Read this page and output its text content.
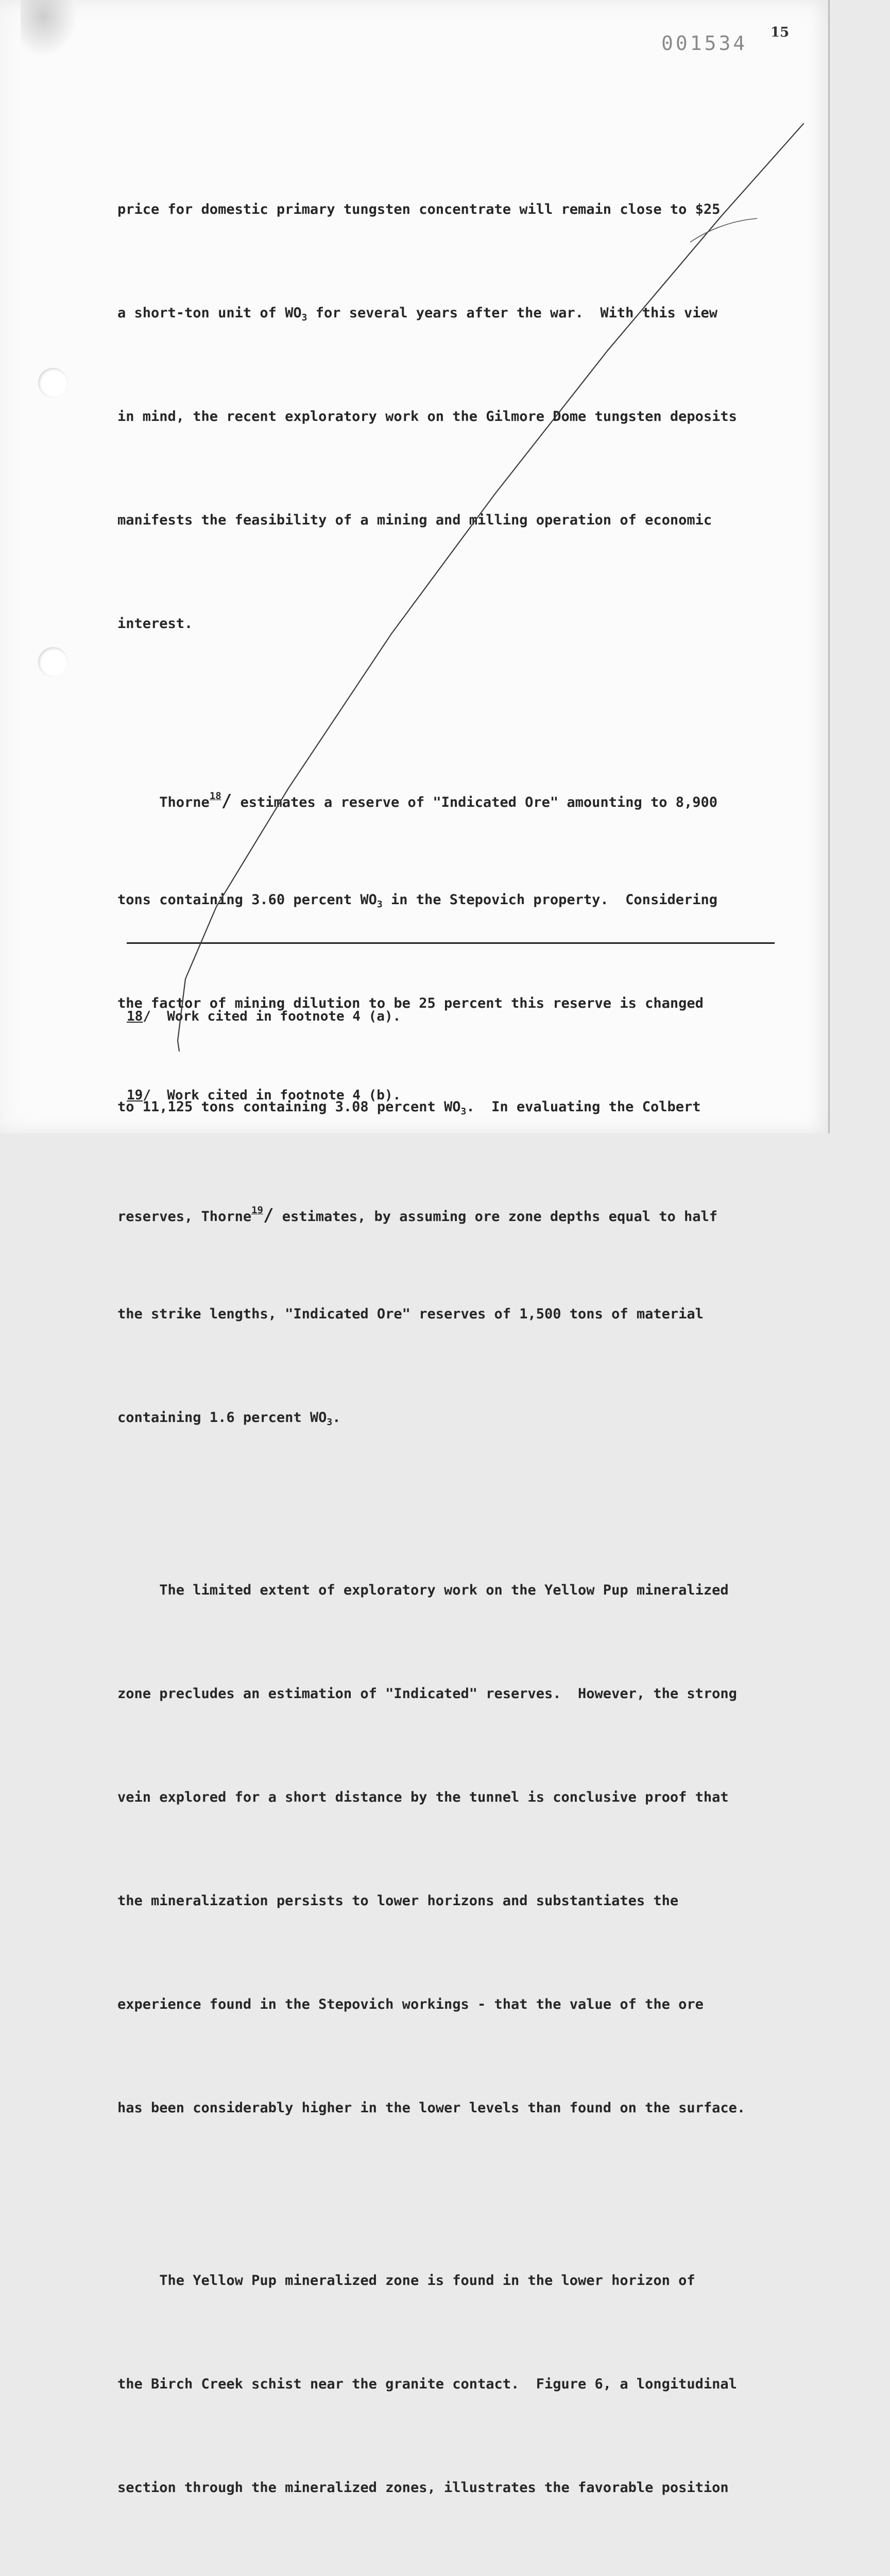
001534 15

price for domestic primary tungsten concentrate will remain close to $25

a short-ton unit of $WO_3$ for several years after the war.  With this view

in mind, the recent exploratory work on the Gilmore Dome tungsten deposits

manifests the feasibility of a mining and milling operation of economic

interest.

Thorne$^{18}$/ estimates a reserve of "Indicated Ore" amounting to 8,900

tons containing 3.60 percent $WO_3$ in the Stepovich property.  Considering

the factor of mining dilution to be 25 percent this reserve is changed

to 11,125 tons containing 3.08 percent $WO_3$.  In evaluating the Colbert

reserves, Thorne$^{19}$/ estimates, by assuming ore zone depths equal to half

the strike lengths, "Indicated Ore" reserves of 1,500 tons of material

containing 1.6 percent $WO_3$.

The limited extent of exploratory work on the Yellow Pup mineralized

zone precludes an estimation of "Indicated" reserves.  However, the strong

vein explored for a short distance by the tunnel is conclusive proof that

the mineralization persists to lower horizons and substantiates the

experience found in the Stepovich workings - that the value of the ore

has been considerably higher in the lower levels than found on the surface.

The Yellow Pup mineralized zone is found in the lower horizon of

the Birch Creek schist near the granite contact.  Figure 6, a longitudinal

section through the mineralized zones, illustrates the favorable position

18/  Work cited in footnote 4 (a).

19/  Work cited in footnote 4 (b).
